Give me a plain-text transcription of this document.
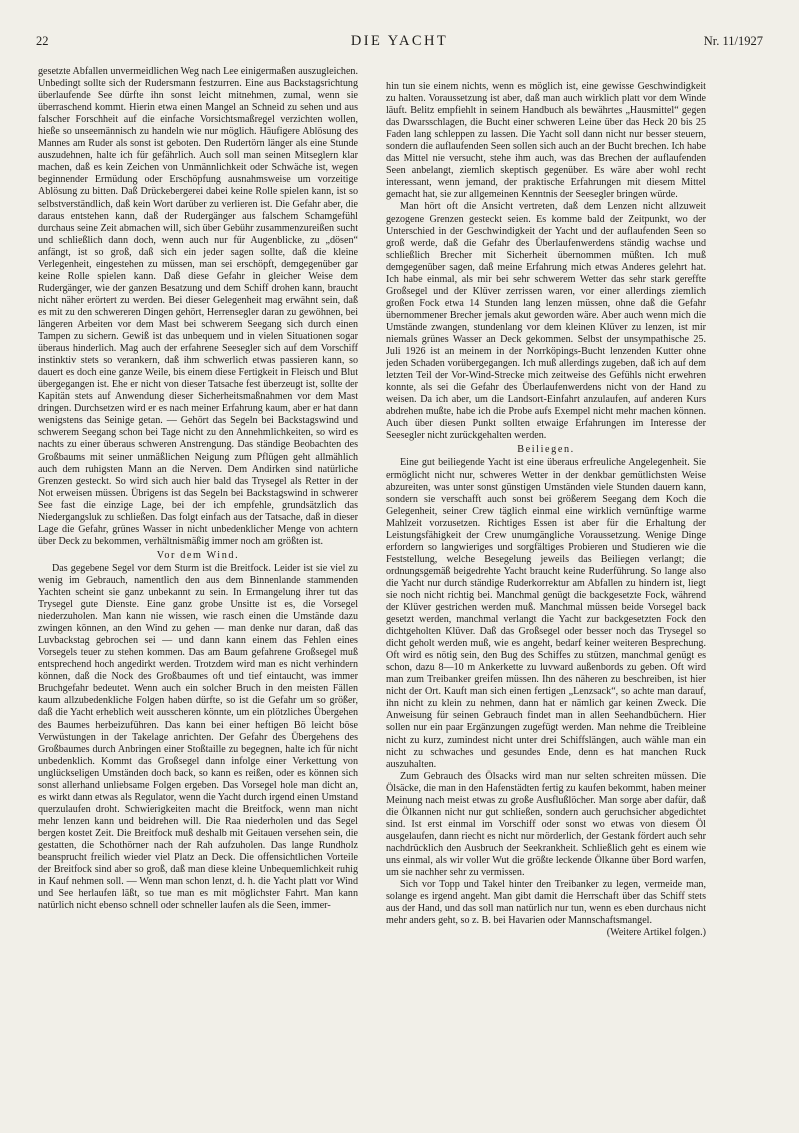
22	DIE YACHT	Nr. 11/1927

gesetzte Abfallen unvermeidlichen Weg nach Lee einigermaßen auszugleichen. Unbedingt sollte sich der Rudersmann festzurren. Eine aus Backstagsrichtung überlaufende See dürfte ihn sonst leicht mitnehmen, zumal, wenn sie überraschend kommt. Hierin etwa einen Mangel an Schneid zu sehen und aus falscher Forschheit auf die einfache Vorsichtsmaßregel verzichten wollen, hieße so unseemännisch zu handeln wie nur möglich. Häufigere Ablösung des Mannes am Ruder als sonst ist geboten. Den Rudertörn länger als eine Stunde auszudehnen, halte ich für gefährlich. Auch soll man seinen Mitseglern klar machen, daß es kein Zeichen von Unmännlichkeit oder Schwäche ist, wegen beginnender Ermüdung oder Erschöpfung ausnahmsweise um vorzeitige Ablösung zu bitten. Daß Drückebergerei dabei keine Rolle spielen kann, ist so selbstverständlich, daß kein Wort darüber zu verlieren ist. Die Gefahr aber, die daraus entstehen kann, daß der Rudergänger aus falschem Schamgefühl durchaus seine Zeit abmachen will, sich über Gebühr zusammenzureißen sucht und schließlich dann doch, wenn auch nur für Augenblicke, zu „dösen“ anfängt, ist so groß, daß sich ein jeder sagen sollte, daß die kleine Verlegenheit, eingestehen zu müssen, man sei erschöpft, demgegenüber gar keine Rolle spielen kann. Daß diese Gefahr in gleicher Weise dem Rudergänger, wie der ganzen Besatzung und dem Schiff drohen kann, braucht nicht näher erörtert zu werden. Bei dieser Gelegenheit mag erwähnt sein, daß es mit zu den schwereren Dingen gehört, Herrensegler daran zu gewöhnen, bei längeren Arbeiten vor dem Mast bei schwerem Seegang sich durch einen Tampen zu sichern. Gewiß ist das unbequem und in vielen Situationen sogar überaus hinderlich. Mag auch der erfahrene Seesegler sich auf dem Vorschiff instinktiv stets so verankern, daß ihm schwerlich etwas passieren kann, so dauert es doch eine ganze Weile, bis einem diese Fertigkeit in Fleisch und Blut übergegangen ist. Ehe er nicht von dieser Tatsache fest überzeugt ist, sollte der Kapitän stets auf Anwendung dieser Sicherheitsmaßnahmen vor dem Mast dringen. Durchsetzen wird er es nach meiner Erfahrung kaum, aber er hat dann wenigstens das Seinige getan. — Gehört das Segeln bei Backstagswind und schwerem Seegang schon bei Tage nicht zu den Annehmlichkeiten, so wird es nachts zu einer überaus schweren Anstrengung. Das ständige Beobachten des Großbaums mit seiner unmäßlichen Neigung zum Pflügen geht allmählich auch dem ruhigsten Mann an die Nerven. Dem Andirken sind natürliche Grenzen gesteckt. So wird sich auch hier bald das Trysegel als Retter in der Not erweisen müssen. Übrigens ist das Segeln bei Backstagswind in schwerer See fast die einzige Lage, bei der ich empfehle, grundsätzlich das Niedergangsluk zu schließen. Das folgt einfach aus der Tatsache, daß in dieser Lage die Gefahr, grünes Wasser in nicht unbedenklicher Menge von achtern über Deck zu bekommen, verhältnismäßig immer noch am größten ist.

Vor dem Wind.

Das gegebene Segel vor dem Sturm ist die Breitfock. Leider ist sie viel zu wenig im Gebrauch, namentlich den aus dem Binnenlande stammenden Yachten scheint sie ganz unbekannt zu sein. In Ermangelung ihrer tut das Trysegel gute Dienste. Eine ganz grobe Unsitte ist es, die Vorsegel niederzuholen. Man kann nie wissen, wie rasch einen die Umstände dazu zwingen können, an den Wind zu gehen — man denke nur daran, daß das Luvbackstag gebrochen sei — und dann kann einem das Fehlen eines Vorsegels teuer zu stehen kommen. Das am Baum gefahrene Großsegel muß entsprechend hoch angedirkt werden. Trotzdem wird man es nicht verhindern können, daß die Nock des Großbaumes oft und tief eintaucht, was immer Bruchgefahr bedeutet. Wenn auch ein solcher Bruch in den meisten Fällen kaum allzubedenkliche Folgen haben dürfte, so ist die Gefahr um so größer, daß die Yacht erheblich weit ausscheren könnte, um ein plötzliches Übergehen des Baumes herbeizuführen. Das kann bei einer heftigen Bö leicht böse Verwüstungen in der Takelage anrichten. Der Gefahr des Übergehens des Großbaumes durch Anbringen einer Stoßtaille zu begegnen, halte ich für nicht unbedenklich. Kommt das Großsegel dann infolge einer Verkettung von unglückseligen Umständen doch back, so kann es reißen, oder es können sich sonst allerhand unliebsame Folgen ergeben. Das Vorsegel hole man dicht an, es wirkt dann etwas als Regulator, wenn die Yacht durch irgend einen Umstand querzulaufen droht. Schwierigkeiten macht die Breitfock, wenn man nicht mehr lenzen kann und beidrehen will. Die Raa niederholen und das Segel bergen kostet Zeit. Die Breitfock muß deshalb mit Geitauen versehen sein, die gestatten, die Schothörner nach der Rah aufzuholen. Das lange Rundholz beansprucht freilich wieder viel Platz an Deck. Die offensichtlichen Vorteile der Breitfock sind aber so groß, daß man diese kleine Unbequemlichkeit ruhig in Kauf nehmen soll. — Wenn man schon lenzt, d. h. die Yacht platt vor Wind und See herlaufen läßt, so tue man es mit möglichster Fahrt. Man kann natürlich nicht ebenso schnell oder schneller laufen als die Seen, immer-

hin tun sie einem nichts, wenn es möglich ist, eine gewisse Geschwindigkeit zu halten. Voraussetzung ist aber, daß man auch wirklich platt vor dem Winde läuft. Belitz empfiehlt in seinem Handbuch als bewährtes „Hausmittel“ gegen das Dwarsschlagen, die Bucht einer schweren Leine über das Heck 20 bis 25 Faden lang schleppen zu lassen. Die Yacht soll dann nicht nur besser steuern, sondern die auflaufenden Seen sollen sich auch an der Bucht brechen. Ich habe das Mittel nie versucht, stehe ihm auch, was das Brechen der auflaufenden Seen anbelangt, ziemlich skeptisch gegenüber. Es wäre aber wohl recht interessant, wenn jemand, der praktische Erfahrungen mit diesem Mittel gemacht hat, sie zur allgemeinen Kenntnis der Seesegler bringen würde.

Man hört oft die Ansicht vertreten, daß dem Lenzen nicht allzuweit gezogene Grenzen gesteckt seien. Es komme bald der Zeitpunkt, wo der Unterschied in der Geschwindigkeit der Yacht und der auflaufenden Seen so groß werde, daß die Gefahr des Überlaufenwerdens ständig wachse und schließlich Brecher mit Sicherheit übernommen müßten. Ich muß demgegenüber sagen, daß meine Erfahrung mich etwas Anderes gelehrt hat. Ich habe einmal, als mir bei sehr schwerem Wetter das sehr stark gereffte Großsegel und der Klüver zerrissen waren, vor einer allerdings ziemlich großen Fock etwa 14 Stunden lang lenzen müssen, ohne daß die Gefahr übernommener Brecher jemals akut geworden wäre. Aber auch wenn mich die Umstände zwangen, stundenlang vor dem kleinen Klüver zu lenzen, ist mir niemals grünes Wasser an Deck gekommen. Selbst der unsympathische 25. Juli 1926 ist an meinem in der Norrköpings-Bucht lenzenden Kutter ohne jeden Schaden vorübergegangen. Ich muß allerdings zugeben, daß ich auf dem letzten Teil der Vor-Wind-Strecke mich zeitweise des Gefühls nicht erwehren konnte, als sei die Gefahr des Überlaufenwerdens nicht von der Hand zu weisen. Da ich aber, um die Landsort-Einfahrt anzulaufen, auf anderen Kurs abdrehen mußte, habe ich die Probe aufs Exempel nicht mehr machen können. Auch über diesen Punkt sollten etwaige Erfahrungen im Interesse der Seesegler nicht zurückgehalten werden.

Beiliegen.

Eine gut beiliegende Yacht ist eine überaus erfreuliche Angelegenheit. Sie ermöglicht nicht nur, schweres Wetter in der denkbar gemütlichsten Weise abzureiten, was unter sonst günstigen Umständen viele Stunden dauern kann, sondern sie verschafft auch sonst bei größerem Seegang dem Koch die Gelegenheit, seiner Crew täglich einmal eine wirklich vernünftige warme Mahlzeit vorzusetzen. Richtiges Essen ist aber für die Erhaltung der Leistungsfähigkeit der Crew unumgängliche Voraussetzung. Wenige Dinge erfordern so langwieriges und sorgfältiges Probieren und Studieren wie die Feststellung, welche Besegelung jeweils das Beiliegen verlangt; die ordnungsgemäß beigedrehte Yacht braucht keine Ruderführung. So lange also die Yacht nur durch ständige Ruderkorrektur am Abfallen zu hindern ist, liegt sie noch nicht richtig bei. Manchmal genügt die backgesetzte Fock, während der Klüver gestrichen werden muß. Manchmal müssen beide Vorsegel back gesetzt werden, manchmal verlangt die Yacht zur backgesetzten Fock den dichtgeholten Klüver. Daß das Großsegel oder besser noch das Trysegel so dicht geholt werden muß, wie es angeht, bedarf keiner weiteren Besprechung. Oft wird es nötig sein, den Bug des Schiffes zu stützen, manchmal genügt es schon, dazu 8—10 m Ankerkette zu luvward außenbords zu geben. Oft wird man zum Treibanker greifen müssen. Ihn des näheren zu beschreiben, ist hier nicht der Ort. Kauft man sich einen fertigen „Lenzsack“, so achte man darauf, ihn nicht zu klein zu nehmen, dann hat er nämlich gar keinen Zweck. Die Anweisung für seinen Gebrauch findet man in allen Seehandbüchern. Hier sollen nur ein paar Ergänzungen zugefügt werden. Man nehme die Treibleine nicht zu kurz, zumindest nicht unter drei Schiffslängen, auch wähle man ein nicht zu schwaches und gesundes Ende, denn es hat manchen Ruck auszuhalten.

Zum Gebrauch des Ölsacks wird man nur selten schreiten müssen. Die Ölsäcke, die man in den Hafenstädten fertig zu kaufen bekommt, haben meiner Meinung nach meist etwas zu große Ausflußlöcher. Man sorge aber dafür, daß die Ölkannen nicht nur gut schließen, sondern auch geruchsicher abgedichtet sind. Ist erst einmal im Vorschiff oder sonst wo etwas von diesem Öl ausgelaufen, dann riecht es nicht nur mörderlich, der Gestank fördert auch sehr nachdrücklich den Ausbruch der Seekrankheit. Schließlich geht es einem wie uns einmal, als wir voller Wut die größte leckende Ölkanne über Bord warfen, um sie nachher sehr zu vermissen.

Sich vor Topp und Takel hinter den Treibanker zu legen, vermeide man, solange es irgend angeht. Man gibt damit die Herrschaft über das Schiff stets aus der Hand, und das soll man natürlich nur tun, wenn es eben durchaus nicht mehr anders geht, so z. B. bei Havarien oder Mannschaftsmangel.

(Weitere Artikel folgen.)
